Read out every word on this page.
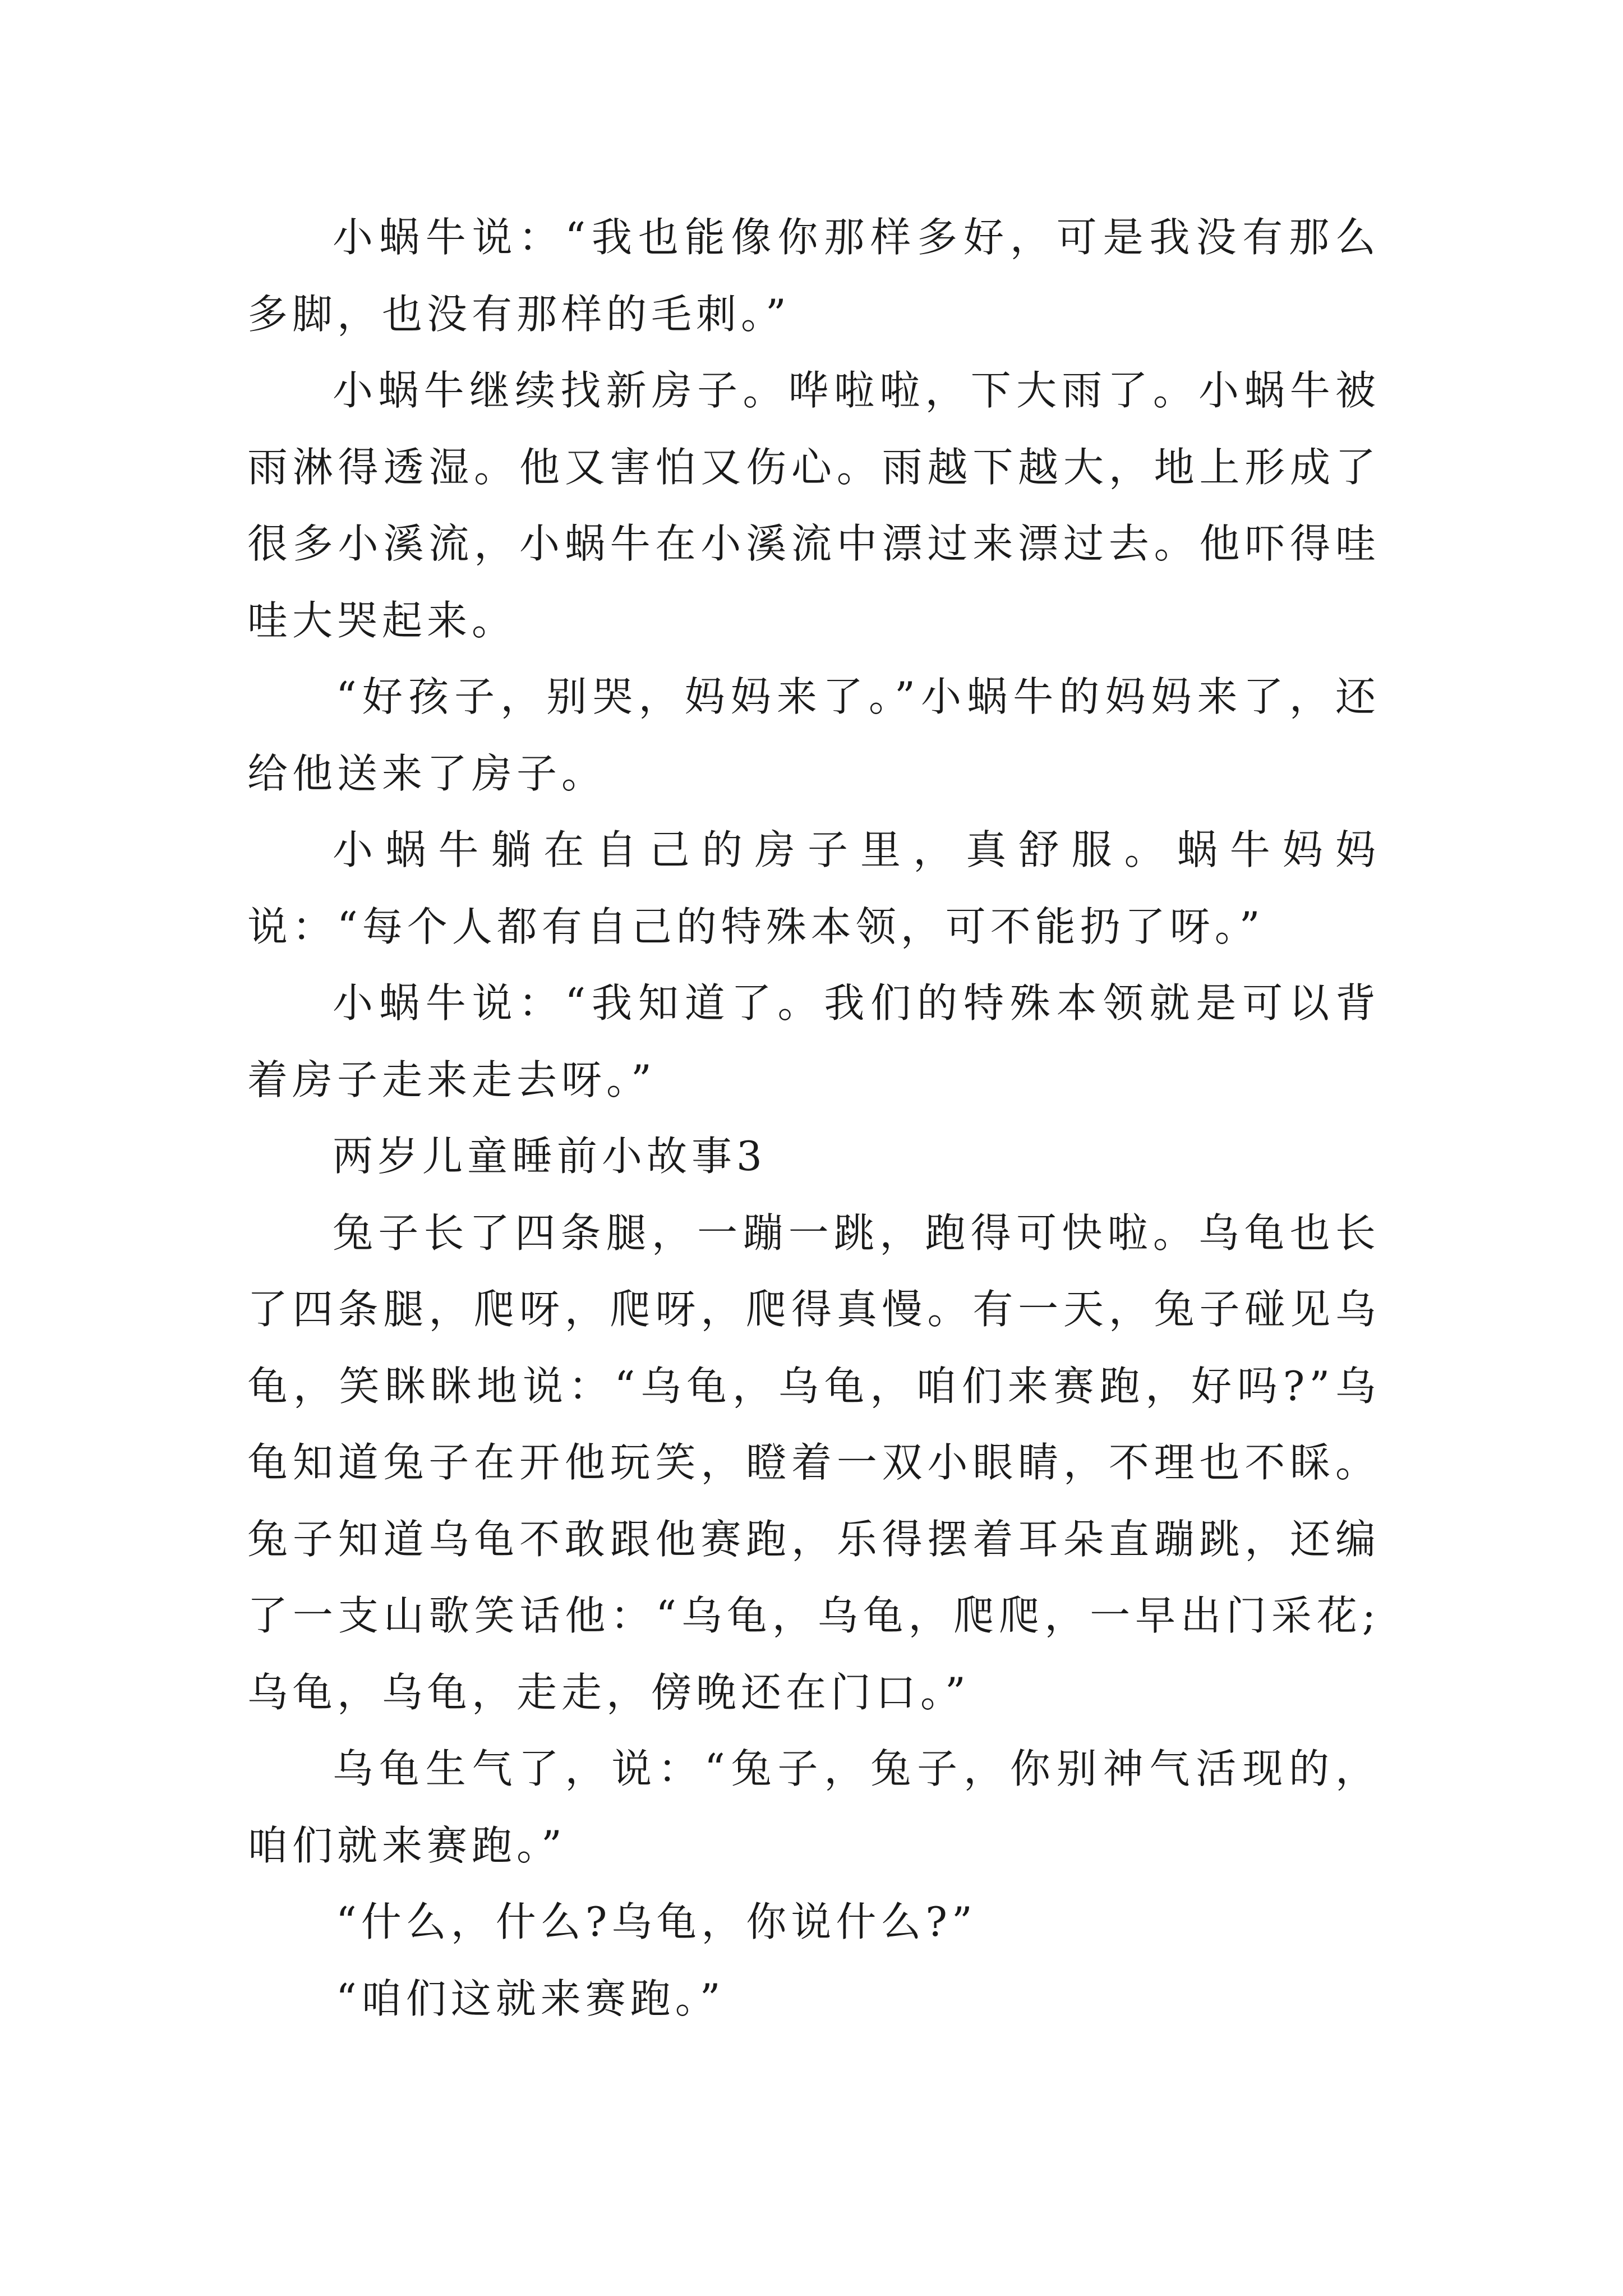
小蜗牛说：“我也能像你那样多好，可是我没有那么多脚，也没有那样的毛刺。”

小蜗牛继续找新房子。哗啦啦，下大雨了。小蜗牛被雨淋得透湿。他又害怕又伤心。雨越下越大，地上形成了很多小溪流，小蜗牛在小溪流中漂过来漂过去。他吓得哇哇大哭起来。

“好孩子，别哭，妈妈来了。”小蜗牛的妈妈来了，还给他送来了房子。

小蜗牛躺在自己的房子里，真舒服。蜗牛妈妈说：“每个人都有自己的特殊本领，可不能扔了呀。”

小蜗牛说：“我知道了。我们的特殊本领就是可以背着房子走来走去呀。”

两岁儿童睡前小故事3

兔子长了四条腿，一蹦一跳，跑得可快啦。乌龟也长了四条腿，爬呀，爬呀，爬得真慢。有一天，兔子碰见乌龟，笑眯眯地说：“乌龟，乌龟，咱们来赛跑，好吗?”乌龟知道兔子在开他玩笑，瞪着一双小眼睛，不理也不睬。兔子知道乌龟不敢跟他赛跑，乐得摆着耳朵直蹦跳，还编了一支山歌笑话他：“乌龟，乌龟，爬爬，一早出门采花;乌龟，乌龟，走走，傍晚还在门口。”

乌龟生气了，说：“兔子，兔子，你别神气活现的，咱们就来赛跑。”

“什么，什么?乌龟，你说什么?”

“咱们这就来赛跑。”
